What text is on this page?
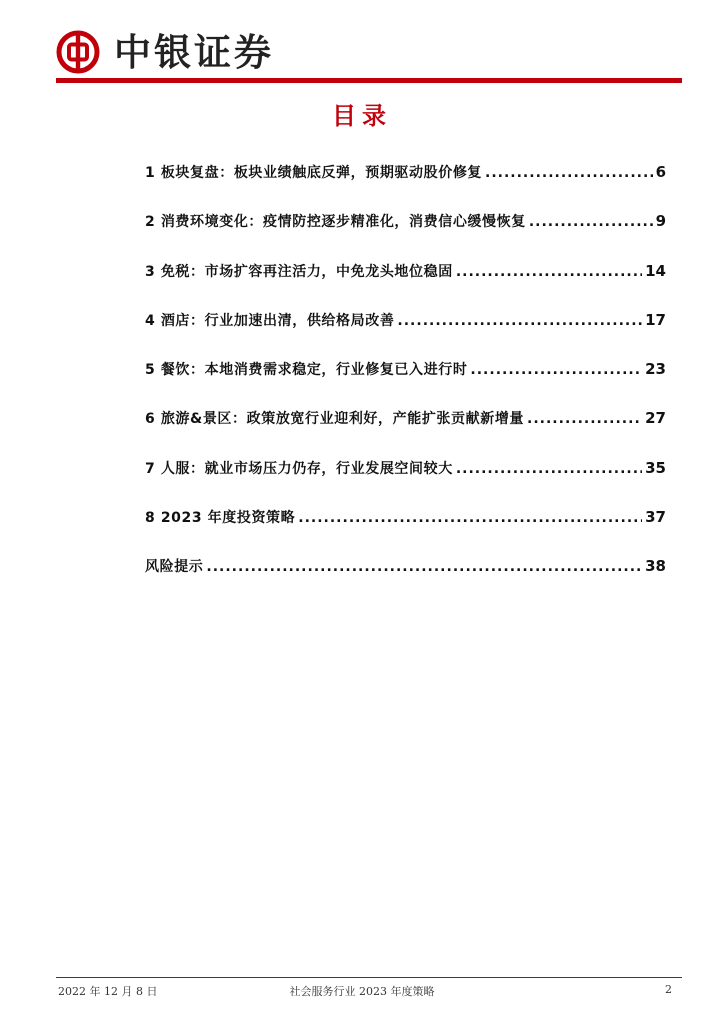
中银证券
目录
1 板块复盘：板块业绩触底反弹，预期驱动股价修复 .....	6
2 消费环境变化：疫情防控逐步精准化，消费信心缓慢恢复 .....	9
3 免税：市场扩容再注活力，中免龙头地位稳固 .....	14
4 酒店：行业加速出清，供给格局改善 .....	17
5 餐饮：本地消费需求稳定，行业修复已入进行时 .....	23
6 旅游&景区：政策放宽行业迎利好，产能扩张贡献新增量 .....	27
7 人服：就业市场压力仍存，行业发展空间较大 .....	35
8 2023 年度投资策略 .....	37
风险提示 .....	38
2022 年 12 月 8 日	社会服务行业 2023 年度策略	2
